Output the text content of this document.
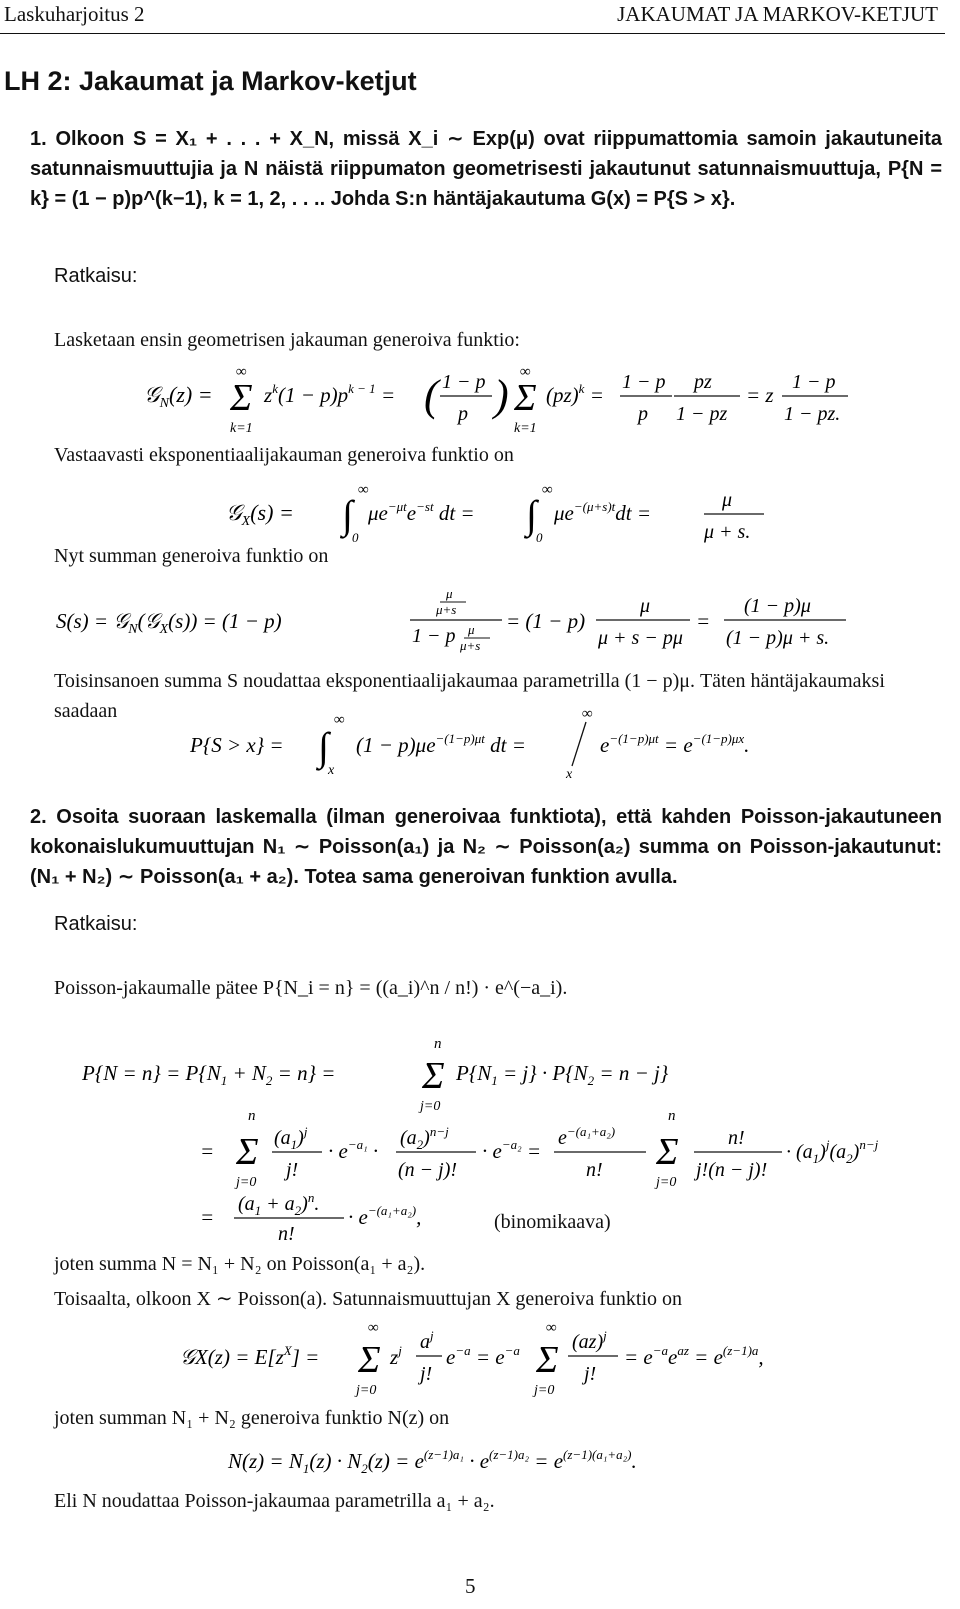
Laskuharjoitus 2	JAKAUMAT JA MARKOV-KETJUT
LH 2: Jakaumat ja Markov-ketjut
1. Olkoon S = X₁ + . . . + X_N, missä X_i ∼ Exp(μ) ovat riippumattomia samoin jakautuneita satunnaismuuttujia ja N näistä riippumaton geometrisesti jakautunut satunnaismuuttuja, P{N = k} = (1 − p)p^(k−1), k = 1, 2, . . .. Johda S:n häntäjakautuma G(x) = P{S > x}.
Ratkaisu:
Lasketaan ensin geometrisen jakauman generoiva funktio:
𝒢$_N$(z) =
∞
Σ
k=1
$z^k(1 - p)p^{k - 1}$ = ( 1 − p
p ) ∞
Σ
k=1
(pz)$^k$ =
1 − p
p
pz
1 − pz
= z
1 − p
1 − pz.
Vastaavasti eksponentiaalijakauman generoiva funktio on
𝒢$_X$(s) = ∫
∞
0
$\mu e^{-\mu t}e^{-st}$ dt = ∫
∞
0
$\mu e^{-(\mu+s)t}dt$ =
μ
μ + s.
Nyt summan generoiva funktio on
S(s) = 𝒢$_N$(𝒢$_X$(s)) = (1 − p)
μ
μ+s
1 − p μ
μ+s
= (1 − p)
μ
μ + s − pμ
=
(1 − p)μ
(1 − p)μ + s.
Toisinsanoen summa S noudattaa eksponentiaalijakaumaa parametrilla (1 − p)μ. Täten häntäjakaumaksi saadaan
P{S > x} = ∫
∞
x
$(1 - p)\mu e^{-(1-p)\mu t}$ dt =
∞
x
$e^{-(1-p)\mu t} = e^{-(1-p)\mu x}$.
2. Osoita suoraan laskemalla (ilman generoivaa funktiota), että kahden Poisson-jakautuneen kokonaislukumuuttujan N₁ ∼ Poisson(a₁) ja N₂ ∼ Poisson(a₂) summa on Poisson-jakautunut: (N₁ + N₂) ∼ Poisson(a₁ + a₂). Totea sama generoivan funktion avulla.
Ratkaisu:
Poisson-jakaumalle pätee P{N_i = n} = ((a_i)^n / n!) · e^(−a_i).
$P\{N = n\} = P\{N_1 + N_2 = n\}$ =
n
Σ
j=0
$P\{N_1 = j\} \cdot P\{N_2 = n - j\}$
=
n
Σ
j=0
$(a_1)^j$
j!
· $e^{-a_1}$ ·
$(a_2)^{n-j}$
(n − j)!
· $e^{-a_2}$ =
$e^{-(a_1+a_2)}$
n!
n
Σ
j=0
n!
j!(n − j)!
· $(a_1)^j(a_2)^{n-j}$
=
$(a_1 + a_2)^n$.
n!
· $e^{-(a_1+a_2)}$,	(binomikaava)
joten summa N = N₁ + N₂ on Poisson(a₁ + a₂).
Toisaalta, olkoon X ∼ Poisson(a). Satunnaismuuttujan X generoiva funktio on
𝒢X(z) = $E[z^X]$ =
∞
Σ
j=0
$z^j$ $a^j$
j!
$e^{-a} = e^{-a}$
∞
Σ
j=0
(az)$^j$
j!
= $e^{-a}e^{az} = e^{(z-1)a}$,
joten summan N₁ + N₂ generoiva funktio N(z) on
$N(z) = N_1(z) \cdot N_2(z) = e^{(z-1)a_1} \cdot e^{(z-1)a_2} = e^{(z-1)(a_1+a_2)}$.
Eli N noudattaa Poisson-jakaumaa parametrilla a₁ + a₂.
5
